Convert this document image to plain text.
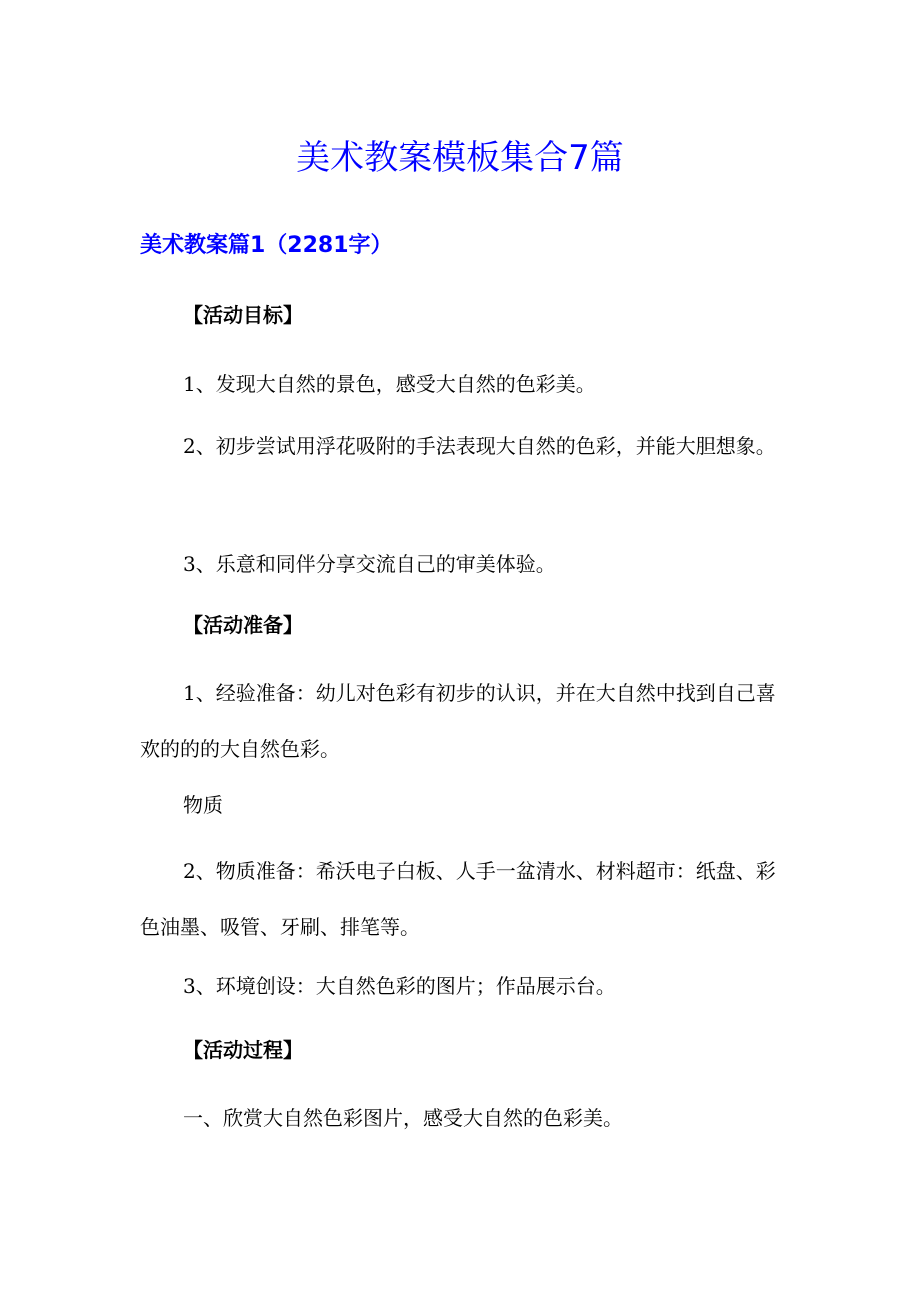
美术教案模板集合7篇
美术教案篇1（2281字）
【活动目标】
1、发现大自然的景色，感受大自然的色彩美。
2、初步尝试用浮花吸附的手法表现大自然的色彩，并能大胆想象。
3、乐意和同伴分享交流自己的审美体验。
【活动准备】
1、经验准备：幼儿对色彩有初步的认识，并在大自然中找到自己喜欢的的的大自然色彩。
物质
2、物质准备：希沃电子白板、人手一盆清水、材料超市：纸盘、彩色油墨、吸管、牙刷、排笔等。
3、环境创设：大自然色彩的图片；作品展示台。
【活动过程】
一、欣赏大自然色彩图片，感受大自然的色彩美。
